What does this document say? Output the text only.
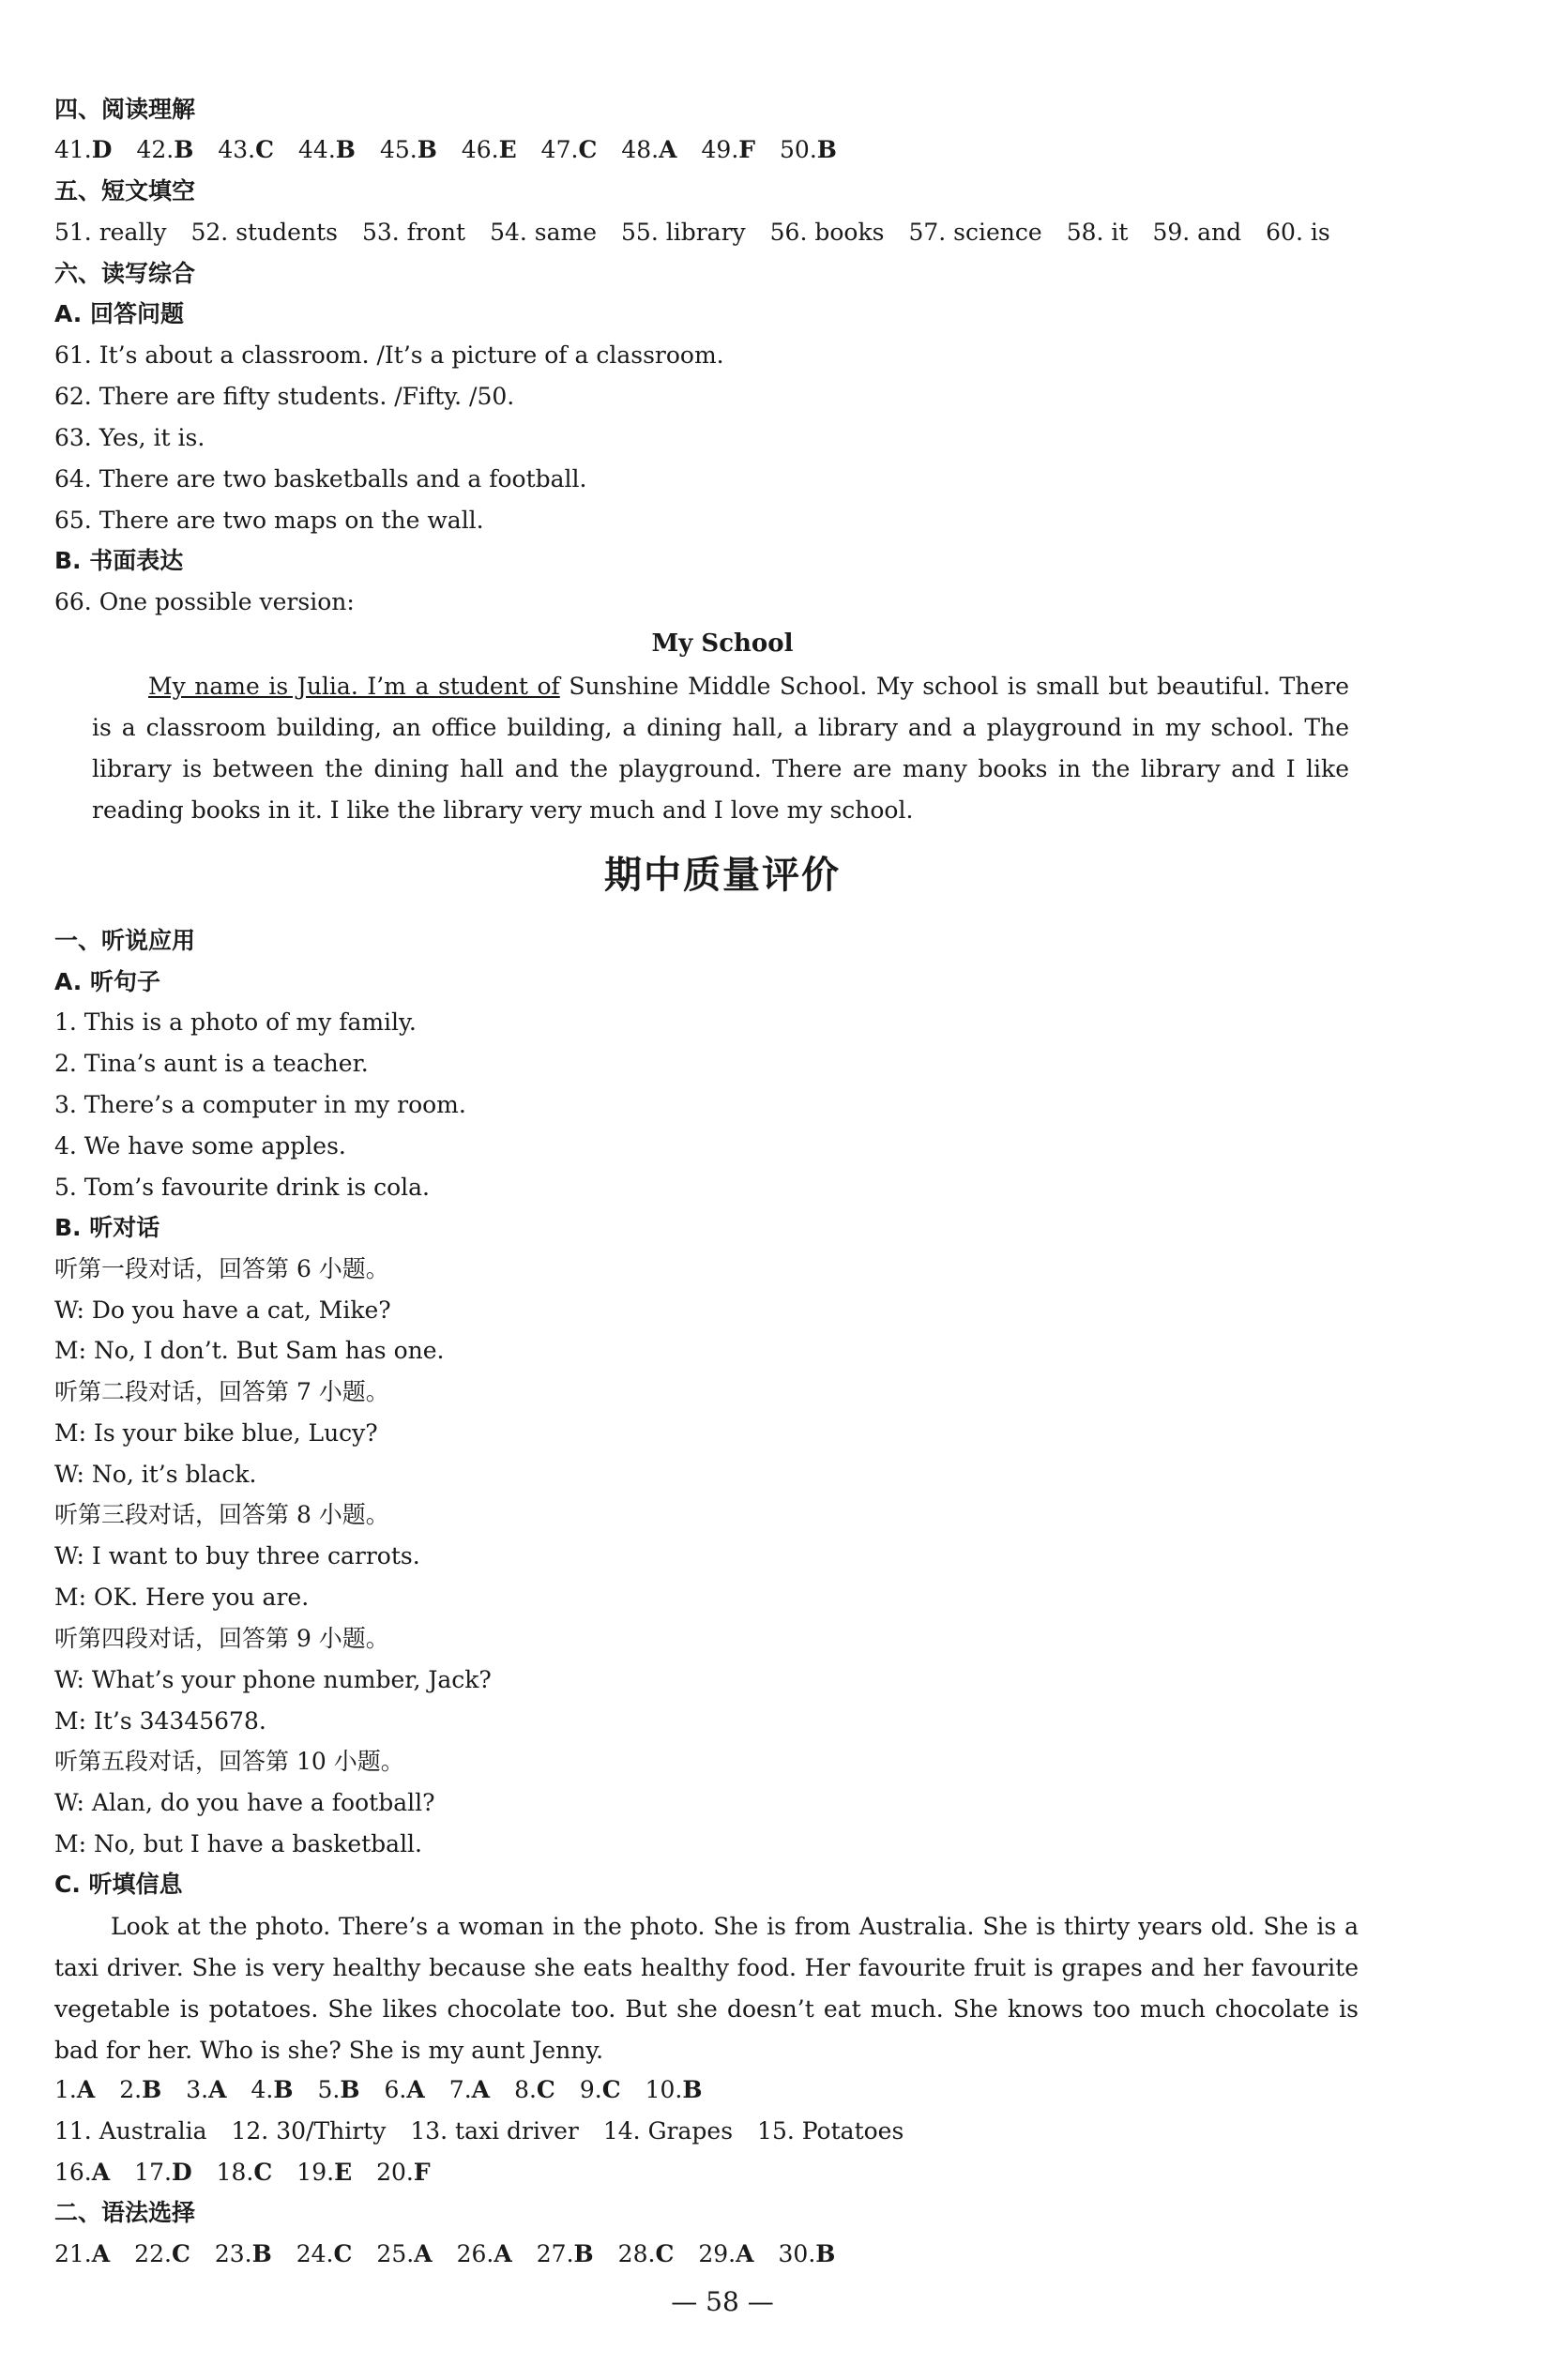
四、阅读理解
41.D 42.B 43.C 44.B 45.B 46.E 47.C 48.A 49.F 50.B
五、短文填空
51. really 52. students 53. front 54. same 55. library 56. books 57. science 58. it 59. and 60. is
六、读写综合
A. 回答问题
61. It’s about a classroom. /It’s a picture of a classroom.
62. There are fifty students. /Fifty. /50.
63. Yes, it is.
64. There are two basketballs and a football.
65. There are two maps on the wall.
B. 书面表达
66. One possible version:
My School
My name is Julia. I’m a student of Sunshine Middle School. My school is small but beautiful. There is a classroom building, an office building, a dining hall, a library and a playground in my school. The library is between the dining hall and the playground. There are many books in the library and I like reading books in it. I like the library very much and I love my school.
期中质量评价
一、听说应用
A. 听句子
1. This is a photo of my family.
2. Tina’s aunt is a teacher.
3. There’s a computer in my room.
4. We have some apples.
5. Tom’s favourite drink is cola.
B. 听对话
听第一段对话，回答第 6 小题。
W: Do you have a cat, Mike?
M: No, I don’t. But Sam has one.
听第二段对话，回答第 7 小题。
M: Is your bike blue, Lucy?
W: No, it’s black.
听第三段对话，回答第 8 小题。
W: I want to buy three carrots.
M: OK. Here you are.
听第四段对话，回答第 9 小题。
W: What’s your phone number, Jack?
M: It’s 34345678.
听第五段对话，回答第 10 小题。
W: Alan, do you have a football?
M: No, but I have a basketball.
C. 听填信息
Look at the photo. There’s a woman in the photo. She is from Australia. She is thirty years old. She is a taxi driver. She is very healthy because she eats healthy food. Her favourite fruit is grapes and her favourite vegetable is potatoes. She likes chocolate too. But she doesn’t eat much. She knows too much chocolate is bad for her. Who is she? She is my aunt Jenny.
1.A 2.B 3.A 4.B 5.B 6.A 7.A 8.C 9.C 10.B
11. Australia 12. 30/Thirty 13. taxi driver 14. Grapes 15. Potatoes
16.A 17.D 18.C 19.E 20.F
二、语法选择
21.A 22.C 23.B 24.C 25.A 26.A 27.B 28.C 29.A 30.B
— 58 —
